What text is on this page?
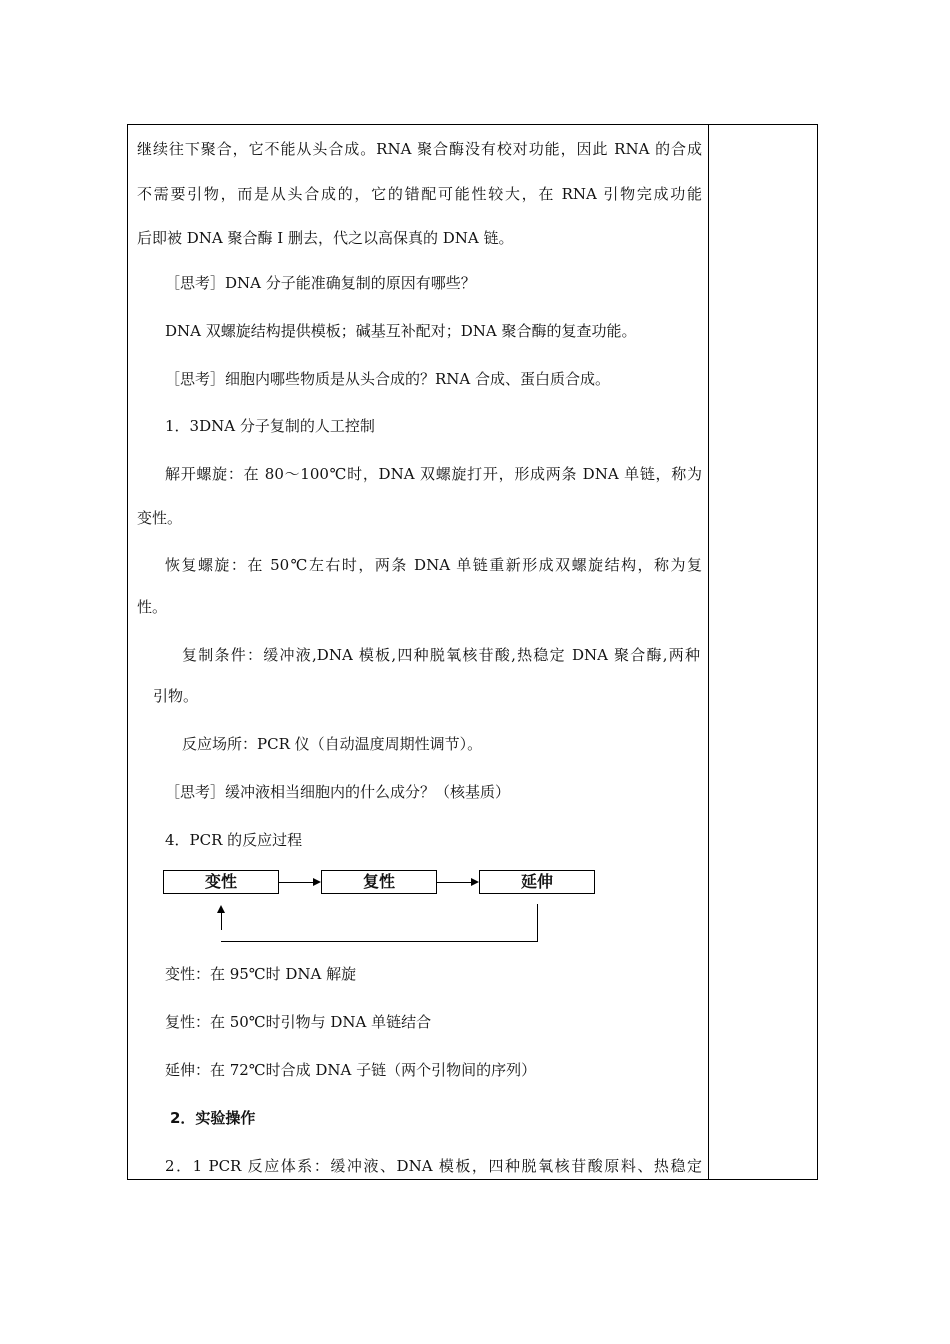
继续往下聚合，它不能从头合成。RNA 聚合酶没有校对功能，因此 RNA 的合成
不需要引物，而是从头合成的，它的错配可能性较大，在 RNA 引物完成功能
后即被 DNA 聚合酶 I 删去，代之以高保真的 DNA 链。
［思考］DNA 分子能准确复制的原因有哪些？
DNA 双螺旋结构提供模板；碱基互补配对；DNA 聚合酶的复查功能。
［思考］细胞内哪些物质是从头合成的？RNA 合成、蛋白质合成。
1．3DNA 分子复制的人工控制
解开螺旋：在 80～100℃时，DNA 双螺旋打开，形成两条 DNA 单链，称为
变性。
恢复螺旋：在 50℃左右时，两条 DNA 单链重新形成双螺旋结构，称为复
性。
复制条件：缓冲液,DNA 模板,四种脱氧核苷酸,热稳定 DNA 聚合酶,两种
引物。
反应场所：PCR 仪（自动温度周期性调节）。
［思考］缓冲液相当细胞内的什么成分？（核基质）
4．PCR 的反应过程
变性	复性	延伸
变性：在 95℃时 DNA 解旋
复性：在 50℃时引物与 DNA 单链结合
延伸：在 72℃时合成 DNA 子链（两个引物间的序列）
2．实验操作
2．1 PCR 反应体系：缓冲液、DNA 模板，四种脱氧核苷酸原料、热稳定
